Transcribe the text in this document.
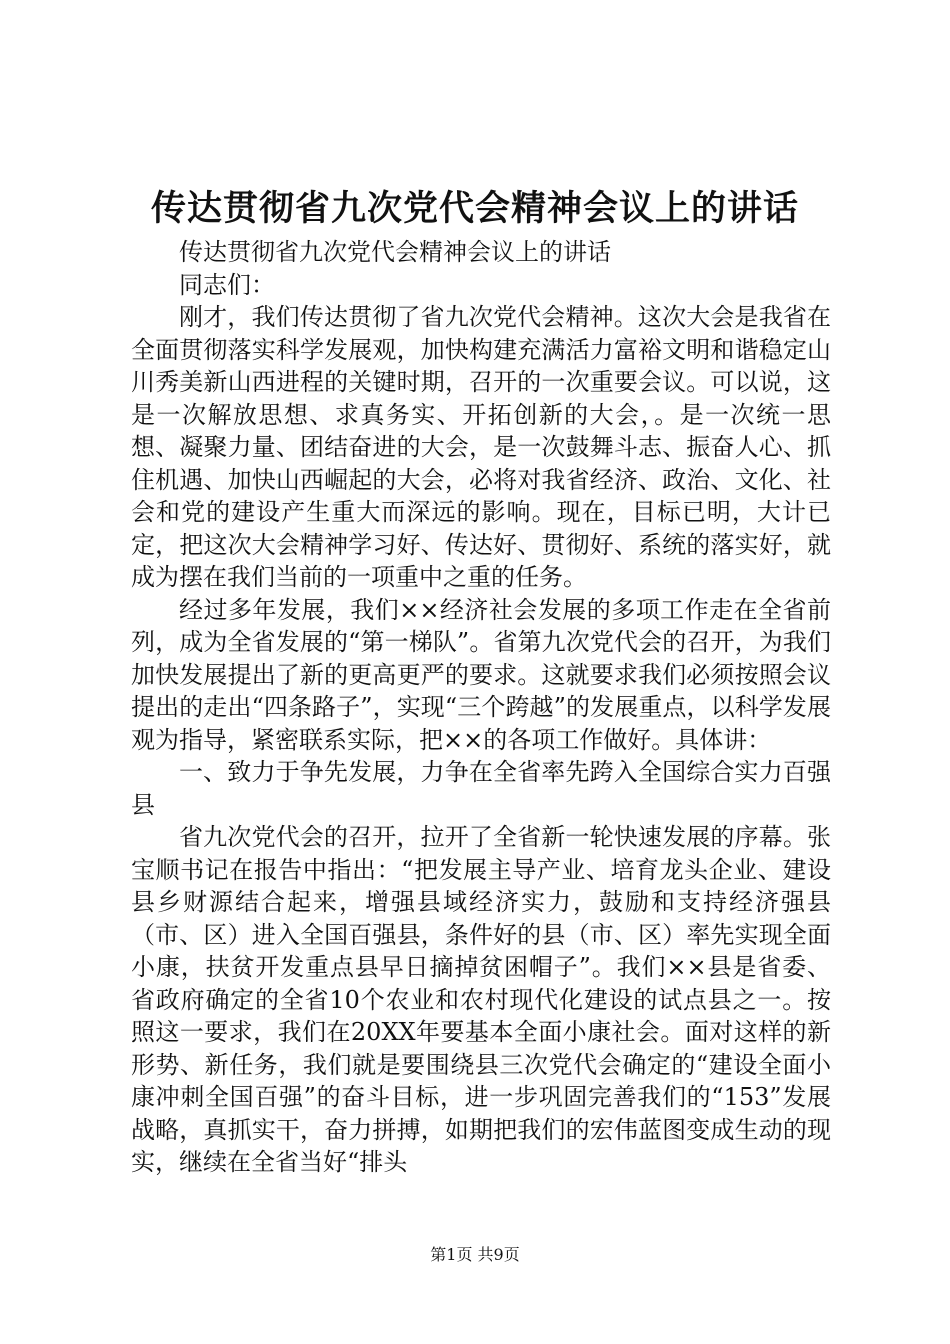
传达贯彻省九次党代会精神会议上的讲话

传达贯彻省九次党代会精神会议上的讲话

同志们：

刚才，我们传达贯彻了省九次党代会精神。这次大会是我省在全面贯彻落实科学发展观，加快构建充满活力富裕文明和谐稳定山川秀美新山西进程的关键时期，召开的一次重要会议。可以说，这是一次解放思想、求真务实、开拓创新的大会，。是一次统一思想、凝聚力量、团结奋进的大会，是一次鼓舞斗志、振奋人心、抓住机遇、加快山西崛起的大会，必将对我省经济、政治、文化、社会和党的建设产生重大而深远的影响。现在，目标已明，大计已定，把这次大会精神学习好、传达好、贯彻好、系统的落实好，就成为摆在我们当前的一项重中之重的任务。

经过多年发展，我们××经济社会发展的多项工作走在全省前列，成为全省发展的“第一梯队”。省第九次党代会的召开，为我们加快发展提出了新的更高更严的要求。这就要求我们必须按照会议提出的走出“四条路子”，实现“三个跨越”的发展重点，以科学发展观为指导，紧密联系实际，把××的各项工作做好。具体讲：

一、致力于争先发展，力争在全省率先跨入全国综合实力百强县

省九次党代会的召开，拉开了全省新一轮快速发展的序幕。张宝顺书记在报告中指出：“把发展主导产业、培育龙头企业、建设县乡财源结合起来，增强县域经济实力，鼓励和支持经济强县（市、区）进入全国百强县，条件好的县（市、区）率先实现全面小康，扶贫开发重点县早日摘掉贫困帽子”。我们××县是省委、省政府确定的全省10个农业和农村现代化建设的试点县之一。按照这一要求，我们在20XX年要基本全面小康社会。面对这样的新形势、新任务，我们就是要围绕县三次党代会确定的“建设全面小康冲刺全国百强”的奋斗目标，进一步巩固完善我们的“153”发展战略，真抓实干，奋力拼搏，如期把我们的宏伟蓝图变成生动的现实，继续在全省当好“排头

第1页 共9页
